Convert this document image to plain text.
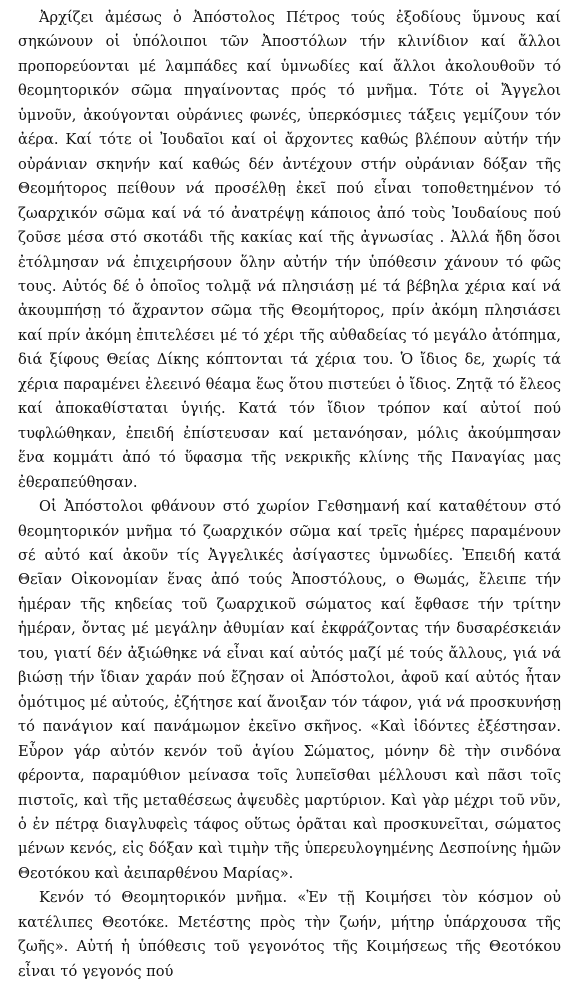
Ἀρχίζει ἀμέσως ὁ Ἀπόστολος Πέτρος τούς ἐξοδίους ὕμνους καί σηκώνουν οἱ ὑπόλοιποι τῶν Ἀποστόλων τήν κλινίδιον καί ἄλλοι προπορεύονται μέ λαμπάδες καί ὑμνωδίες καί ἄλλοι ἀκολουθοῦν τό θεομητορικόν σῶμα πηγαίνοντας πρός τό μνῆμα. Τότε οἱ Ἄγγελοι ὑμνοῦν, ἀκούγονται οὐράνιες φωνές, ὑπερκόσμιες τάξεις γεμίζουν τόν ἀέρα. Καί τότε οἱ Ἰουδαῖοι καί οἱ ἄρχοντες καθώς βλέπουν αὐτήν τήν οὐράνιαν σκηνήν καί καθώς δέν ἀντέχουν στήν οὐράνιαν δόξαν τῆς Θεομήτορος πείθουν νά προσέλθῃ ἐκεῖ πού εἶναι τοποθετημένον τό ζωαρχικόν σῶμα καί νά τό ἀνατρέψῃ κάποιος ἀπό τοὺς Ἰουδαίους πού ζοῦσε μέσα στό σκοτάδι τῆς κακίας καί τῆς ἀγνωσίας . Ἀλλά ἤδη ὅσοι ἐτόλμησαν νά ἐπιχειρήσουν ὅλην αὐτήν τήν ὑπόθεσιν χάνουν τό φῶς τους. Αὐτός δέ ὁ ὁποῖος τολμᾷ νά πλησιάσῃ μέ τά βέβηλα χέρια καί νά ἀκουμπήσῃ τό ἄχραντον σῶμα τῆς Θεομήτορος, πρίν ἀκόμη πλησιάσει καί πρίν ἀκόμη ἐπιτελέσει μέ τό χέρι τῆς αὐθαδείας τό μεγάλο ἀτόπημα, διά ξίφους Θείας Δίκης κόπτονται τά χέρια του. Ὁ ἴδιος δε, χωρίς τά χέρια παραμένει ἐλεεινό θέαμα ἕως ὅτου πιστεύει ὁ ἴδιος. Ζητᾷ τό ἔλεος καί ἀποκαθίσταται ὑγιής. Κατά τόν ἴδιον τρόπον καί αὐτοί πού τυφλώθηκαν, ἐπειδή ἐπίστευσαν καί μετανόησαν, μόλις ἀκούμπησαν ἕνα κομμάτι ἀπό τό ὕφασμα τῆς νεκρικῆς κλίνης τῆς Παναγίας μας ἐθεραπεύθησαν.

Οἱ Ἀπόστολοι φθάνουν στό χωρίον Γεθσημανή καί καταθέτουν στό θεομητορικόν μνῆμα τό ζωαρχικόν σῶμα καί τρεῖς ἡμέρες παραμένουν σέ αὐτό καί ἀκοῦν τίς Ἀγγελικές ἀσίγαστες ὑμνωδίες. Ἐπειδή κατά Θεῖαν Οἰκονομίαν ἕνας ἀπό τούς Ἀποστόλους, ο Θωμάς, ἔλειπε τήν ἡμέραν τῆς κηδείας τοῦ ζωαρχικοῦ σώματος καί ἔφθασε τήν τρίτην ἡμέραν, ὄντας μέ μεγάλην ἀθυμίαν καί ἐκφράζοντας τήν δυσαρέσκειάν του, γιατί δέν ἀξιώθηκε νά εἶναι καί αὐτός μαζί μέ τούς ἄλλους, γιά νά βιώσῃ τήν ἴδιαν χαράν πού ἔζησαν οἱ Ἀπόστολοι, ἀφοῦ καί αὐτός ἦταν ὁμότιμος μέ αὐτούς, ἐζήτησε καί ἄνοιξαν τόν τάφον, γιά νά προσκυνήσῃ τό πανάγιον καί πανάμωμον ἐκεῖνο σκῆνος. «Καὶ ἰδόντες ἐξέστησαν. Εὗρον γάρ αὐτόν κενόν τοῦ ἁγίου Σώματος, μόνην δὲ τὴν σινδόνα φέροντα, παραμύθιον μείνασα τοῖς λυπεῖσθαι μέλλουσι καὶ πᾶσι τοῖς πιστοῖς, καὶ τῆς μεταθέσεως ἀψευδὲς μαρτύριον. Καὶ γὰρ μέχρι τοῦ νῦν, ὁ ἐν πέτρᾳ διαγλυφεὶς τάφος οὕτως ὁρᾶται καὶ προσκυνεῖται, σώματος μένων κενός, εἰς δόξαν καὶ τιμὴν τῆς ὑπερευλογημένης Δεσποίνης ἡμῶν Θεοτόκου καὶ ἀειπαρθένου Μαρίας».

Κενόν τό Θεομητορικόν μνῆμα. «Ἐν τῇ Κοιμήσει τὸν κόσμον οὐ κατέλιπες Θεοτόκε. Μετέστης πρὸς τὴν ζωήν, μήτηρ ὑπάρχουσα τῆς ζωῆς». Αὐτή ἡ ὑπόθεσις τοῦ γεγονότος τῆς Κοιμήσεως τῆς Θεοτόκου εἶναι τό γεγονός πού
